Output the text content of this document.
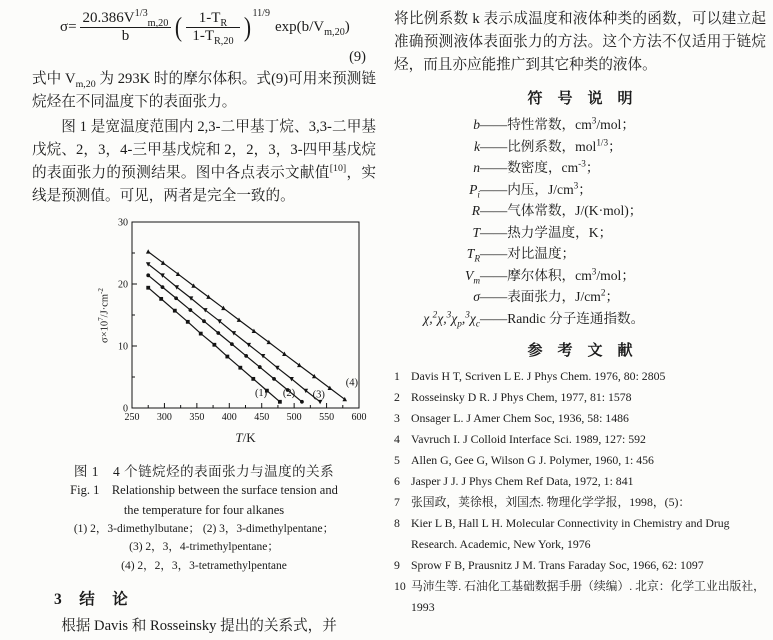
$\sigma= \frac{20.386V^{1/3}_{m,20}}{b}$ ( $\frac{1-T_R}{1-T_{R,20}}$ ) 11/9
$\exp(b/V_{m,20})$
(9)

式中 $V_{m,20}$ 为 293K 时的摩尔体积。式(9)可用来预测链烷烃在不同温度下的表面张力。

图 1 是宽温度范围内 2,3-二甲基丁烷、3,3-二甲基戊烷、2，3，4-三甲基戊烷和 2，2，3，3-四甲基戊烷的表面张力的预测结果。图中各点表示文献值[10]，实线是预测值。可见，两者是完全一致的。

250 300 350 400 450 500 550 600
0
10
20
30
(1) (2) (3)
(4)
$\sigma\times 10^7/J\cdot cm^{-2}$
T/K
图 1　4 个链烷烃的表面张力与温度的关系
Fig. 1　Relationship between the surface tension and
the temperature for four alkanes
(1) 2，3-dimethylbutane； (2) 3，3-dimethylpentane；
(3) 2，3，4-trimethylpentane；
(4) 2，2，3，3-tetramethylpentane
3　结　论

根据 Davis 和 Rosseinsky 提出的关系式，并

将比例系数 k 表示成温度和液体种类的函数，可以建立起准确预测液体表面张力的方法。这个方法不仅适用于链烷烃，而且亦应能推广到其它种类的液体。

符　号　说　明
b ——特性常数，$cm^3$/mol；
k ——比例系数，mol$^{1/3}$；
n ——数密度，$cm^{-3}$；
$P_i$ ——内压，$J/cm^3$；
R ——气体常数，J/(K·mol)；
T ——热力学温度，K；
$T_R$ ——对比温度；
$V_m$ ——摩尔体积，$cm^3$/mol；
σ ——表面张力，$J/cm^2$；
$\chi,^2\chi,^3\chi_p,^3\chi_c$ ——Randic 分子连通指数。
参　考　文　献
1 Davis H T, Scriven L E. J Phys Chem. 1976, 80: 2805
2 Rosseinsky D R. J Phys Chem, 1977, 81: 1578
3 Onsager L. J Amer Chem Soc, 1936, 58: 1486
4 Vavruch I. J Colloid Interface Sci. 1989, 127: 592
5 Allen G, Gee G, Wilson G J. Polymer, 1960, 1: 456
6 Jasper J J. J Phys Chem Ref Data, 1972, 1: 841
7 张国政，荚徐根，刘国杰. 物理化学学报，1998，(5)：
8 Kier L B, Hall L H. Molecular Connectivity in Chemistry and Drug Research. Academic, New York, 1976
9 Sprow F B, Prausnitz J M. Trans Faraday Soc, 1966, 62: 1097
10 马沛生等. 石油化工基础数据手册（续编）. 北京：化学工业出版社，1993
